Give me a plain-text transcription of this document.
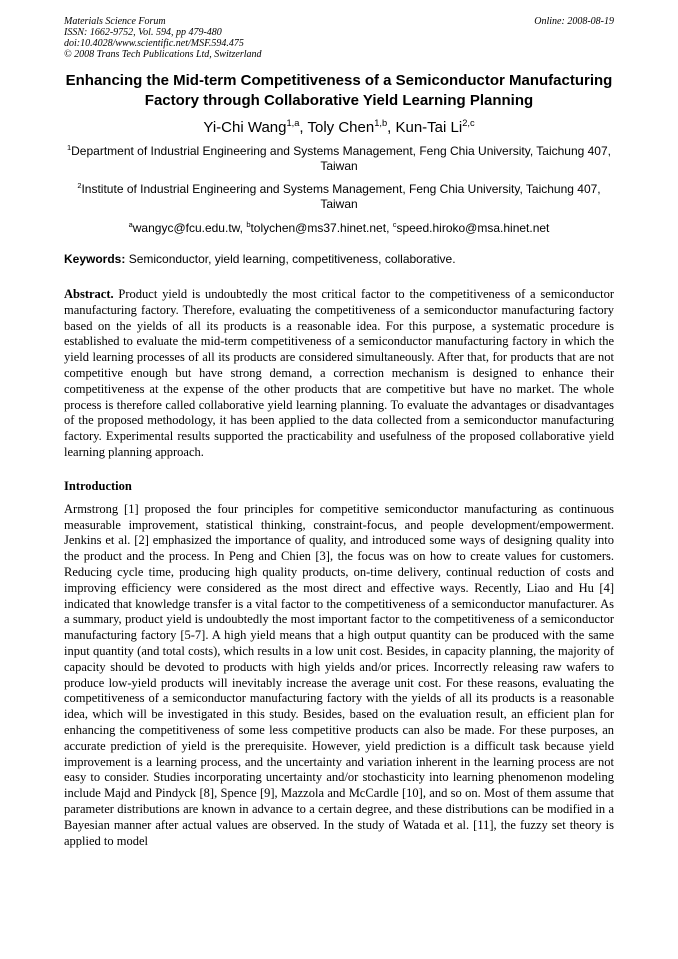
Materials Science Forum
ISSN: 1662-9752, Vol. 594, pp 479-480
doi:10.4028/www.scientific.net/MSF.594.475
© 2008 Trans Tech Publications Ltd, Switzerland
Online: 2008-08-19
Enhancing the Mid-term Competitiveness of a Semiconductor Manufacturing Factory through Collaborative Yield Learning Planning
Yi-Chi Wang$^{1,a}$, Toly Chen$^{1,b}$, Kun-Tai Li$^{2,c}$
$^1$Department of Industrial Engineering and Systems Management, Feng Chia University, Taichung 407, Taiwan
$^2$Institute of Industrial Engineering and Systems Management, Feng Chia University, Taichung 407, Taiwan
$^a$wangyc@fcu.edu.tw, $^b$tolychen@ms37.hinet.net, $^c$speed.hiroko@msa.hinet.net

Keywords: Semiconductor, yield learning, competitiveness, collaborative.

Abstract. Product yield is undoubtedly the most critical factor to the competitiveness of a semiconductor manufacturing factory. Therefore, evaluating the competitiveness of a semiconductor manufacturing factory based on the yields of all its products is a reasonable idea. For this purpose, a systematic procedure is established to evaluate the mid-term competitiveness of a semiconductor manufacturing factory in which the yield learning processes of all its products are considered simultaneously. After that, for products that are not competitive enough but have strong demand, a correction mechanism is designed to enhance their competitiveness at the expense of the other products that are competitive but have no market. The whole process is therefore called collaborative yield learning planning. To evaluate the advantages or disadvantages of the proposed methodology, it has been applied to the data collected from a semiconductor manufacturing factory. Experimental results supported the practicability and usefulness of the proposed collaborative yield learning planning approach.

Introduction

Armstrong [1] proposed the four principles for competitive semiconductor manufacturing as continuous measurable improvement, statistical thinking, constraint-focus, and people development/empowerment. Jenkins et al. [2] emphasized the importance of quality, and introduced some ways of designing quality into the product and the process. In Peng and Chien [3], the focus was on how to create values for customers. Reducing cycle time, producing high quality products, on-time delivery, continual reduction of costs and improving efficiency were considered as the most direct and effective ways. Recently, Liao and Hu [4] indicated that knowledge transfer is a vital factor to the competitiveness of a semiconductor manufacturer. As a summary, product yield is undoubtedly the most important factor to the competitiveness of a semiconductor manufacturing factory [5-7]. A high yield means that a high output quantity can be produced with the same input quantity (and total costs), which results in a low unit cost. Besides, in capacity planning, the majority of capacity should be devoted to products with high yields and/or prices. Incorrectly releasing raw wafers to produce low-yield products will inevitably increase the average unit cost. For these reasons, evaluating the competitiveness of a semiconductor manufacturing factory with the yields of all its products is a reasonable idea, which will be investigated in this study. Besides, based on the evaluation result, an efficient plan for enhancing the competitiveness of some less competitive products can also be made. For these purposes, an accurate prediction of yield is the prerequisite. However, yield prediction is a difficult task because yield improvement is a learning process, and the uncertainty and variation inherent in the learning process are not easy to consider. Studies incorporating uncertainty and/or stochasticity into learning phenomenon modeling include Majd and Pindyck [8], Spence [9], Mazzola and McCardle [10], and so on. Most of them assume that parameter distributions are known in advance to a certain degree, and these distributions can be modified in a Bayesian manner after actual values are observed. In the study of Watada et al. [11], the fuzzy set theory is applied to model
